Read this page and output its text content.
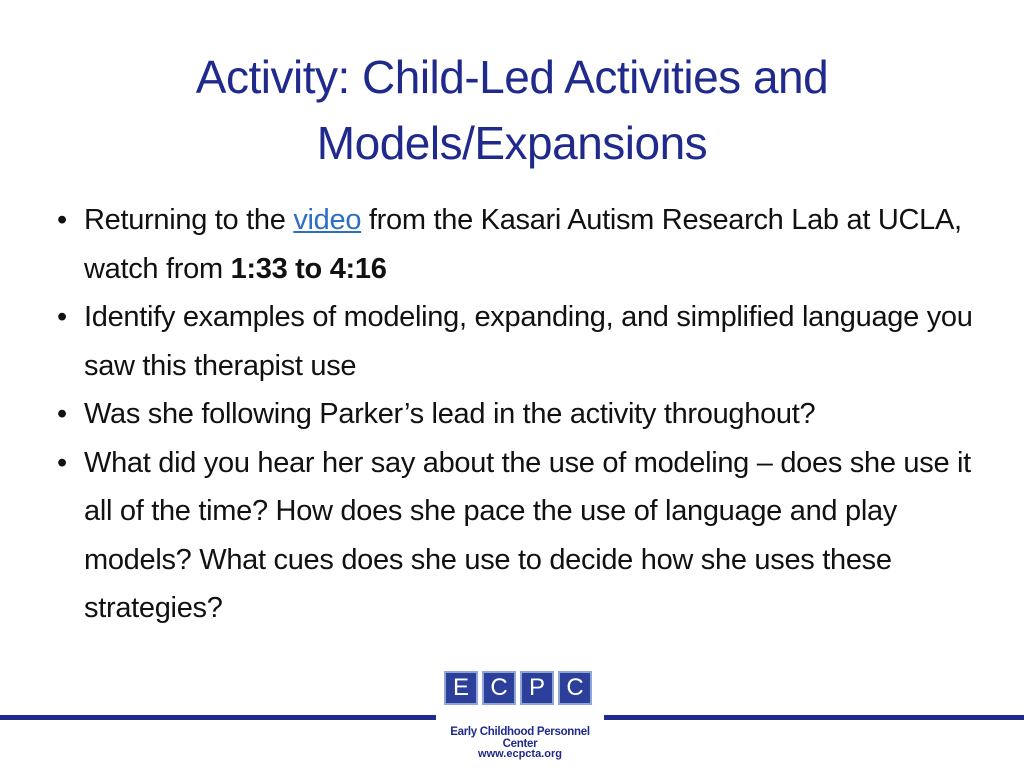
Activity: Child-Led Activities and
Models/Expansions
• Returning to the video from the Kasari Autism Research Lab at UCLA, watch from 1:33 to 4:16
• Identify examples of modeling, expanding, and simplified language you saw this therapist use
• Was she following Parker’s lead in the activity throughout?
• What did you hear her say about the use of modeling – does she use it all of the time? How does she pace the use of language and play models? What cues does she use to decide how she uses these strategies?
E C P C
Early Childhood Personnel Center
www.ecpcta.org
